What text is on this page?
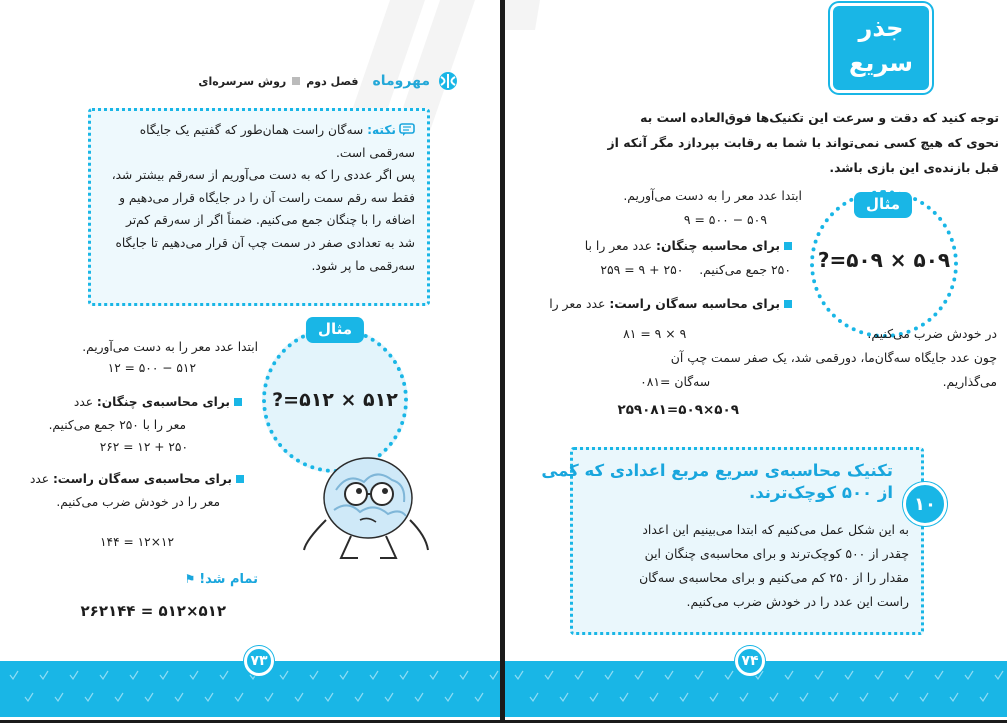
مهروماه
فصل دوم
روش سرسره‌ای
نکته: سه‌گان راست همان‌طور که گفتیم یک جایگاه
سه‌رقمی است.
پس اگر عددی را که به دست می‌آوریم از سه‌رقم بیشتر شد،
فقط سه رقم سمت راست آن را در جایگاه قرار می‌دهیم و
اضافه را با چنگان جمع می‌کنیم. ضمناً اگر از سه‌رقم کم‌تر
شد به تعدادی صفر در سمت چپ آن قرار می‌دهیم تا جایگاه
سه‌رقمی ما پر شود.
مثال
?=۵۱۲ × ۵۱۲
ابتدا عدد معر را به دست می‌آوریم.
۵۱۲ − ۵۰۰ = ۱۲
برای محاسبه‌ی چنگان: عدد
معر را با ۲۵۰ جمع می‌کنیم.
۲۵۰ + ۱۲ = ۲۶۲
برای محاسبه‌ی سه‌گان راست: عدد
معر را در خودش ضرب می‌کنیم.
۱۲×۱۲ = ۱۴۴
تمام شد! ⚑
۵۱۲×۵۱۲ = ۲۶۲۱۴۴
۷۳
جذر
سریع
توجه کنید که دقت و سرعت این تکنیک‌ها فوق‌العاده است به
نحوی که هیچ کسی نمی‌تواند با شما به رقابت بپردازد مگر آنکه از
قبل بازنده‌ی این بازی باشد.
مثال
?=۵۰۹ × ۵۰۹
ابتدا عدد معر را به دست می‌آوریم.
۵۰۹ − ۵۰۰ = ۹
برای محاسبه چنگان: عدد معر را با
۲۵۰ جمع می‌کنیم.    ۲۵۰ + ۹ = ۲۵۹
برای محاسبه سه‌گان راست: عدد معر را
در خودش ضرب می‌کنیم.                                              ۹ × ۹ = ۸۱
چون عدد جایگاه سه‌گان‌ما، دورقمی شد، یک صفر سمت چپ آن
می‌گذاریم.                                                           سه‌گان =۰۸۱
۵۰۹×۵۰۹=۲۵۹۰۸۱
۱۰
تکنیک محاسبه‌ی سریع مربع اعدادی که کمی
از ۵۰۰ کوچک‌ترند.
به این شکل عمل می‌کنیم که ابتدا می‌بینیم این اعداد
چقدر از ۵۰۰ کوچک‌ترند و برای محاسبه‌ی چنگان این
مقدار را از ۲۵۰ کم می‌کنیم و برای محاسبه‌ی سه‌گان
راست این عدد را در خودش ضرب می‌کنیم.
۷۴
